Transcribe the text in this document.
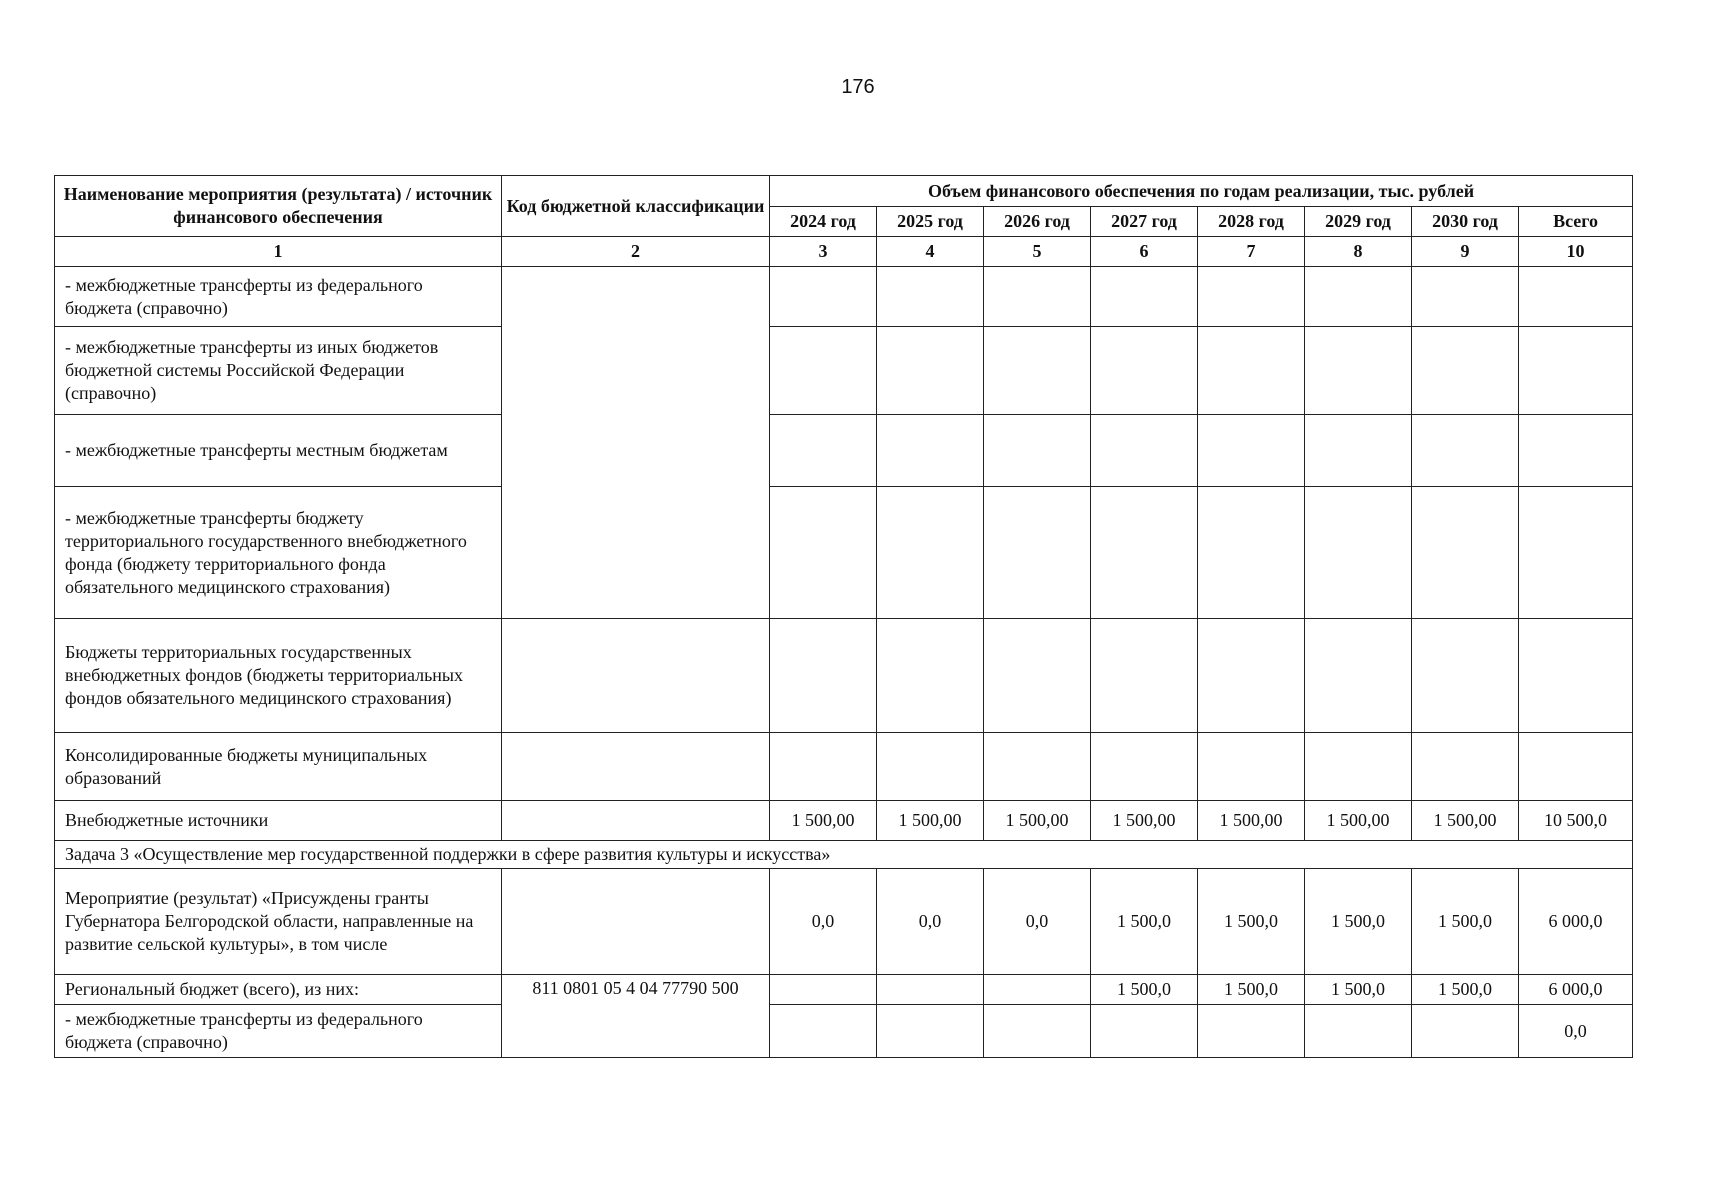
176
Наименование мероприятия (результата) / источник финансового обеспечения	Код бюджетной классификации	Объем финансового обеспечения по годам реализации, тыс. рублей							
		2024 год	2025 год	2026 год	2027 год	2028 год	2029 год	2030 год	Всего
1	2	3	4	5	6	7	8	9	10
- межбюджетные трансферты из федерального бюджета (справочно)									
- межбюджетные трансферты из иных бюджетов бюджетной системы Российской Федерации (справочно)									
- межбюджетные трансферты местным бюджетам									
- межбюджетные трансферты бюджету территориального государственного внебюджетного фонда (бюджету территориального фонда обязательного медицинского страхования)									
Бюджеты территориальных государственных внебюджетных фондов (бюджеты территориальных фондов обязательного медицинского страхования)									
Консолидированные бюджеты муниципальных образований									
Внебюджетные источники		1 500,00	1 500,00	1 500,00	1 500,00	1 500,00	1 500,00	1 500,00	10 500,0
Задача 3 «Осуществление мер государственной поддержки в сфере развития культуры и искусства»									
Мероприятие (результат) «Присуждены гранты Губернатора Белгородской области, направленные на развитие сельской культуры», в том числе		0,0	0,0	0,0	1 500,0	1 500,0	1 500,0	1 500,0	6 000,0
Региональный бюджет (всего), из них:	811 0801 05 4 04 77790 500				1 500,0	1 500,0	1 500,0	1 500,0	6 000,0
- межбюджетные трансферты из федерального бюджета (справочно)									0,0
